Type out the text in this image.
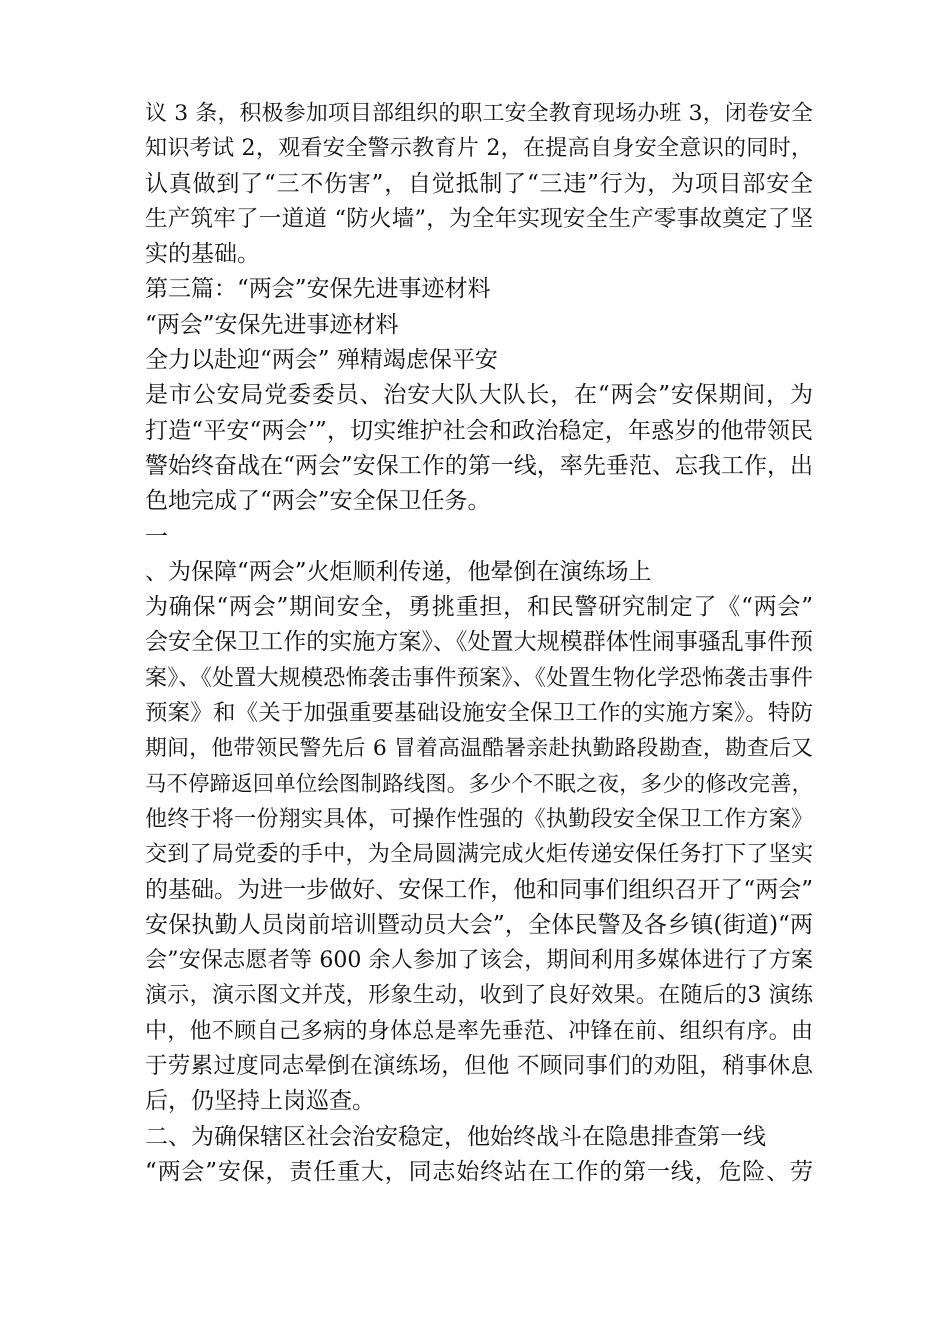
议 3 条，积极参加项目部组织的职工安全教育现场办班 3，闭卷安全
知识考试 2，观看安全警示教育片 2，在提高自身安全意识的同时，
认真做到了“三不伤害”，自觉抵制了“三违”行为，为项目部安全
生产筑牢了一道道 “防火墙”，为全年实现安全生产零事故奠定了坚
实的基础。
第三篇：“两会”安保先进事迹材料
“两会”安保先进事迹材料
全力以赴迎“两会” 殚精竭虑保平安
是市公安局党委委员、治安大队大队长，在“两会”安保期间，为
打造“平安“两会’”，切实维护社会和政治稳定，年惑岁的他带领民
警始终奋战在“两会”安保工作的第一线，率先垂范、忘我工作，出
色地完成了“两会”安全保卫任务。
一
、为保障“两会”火炬顺利传递，他晕倒在演练场上
为确保“两会”期间安全，勇挑重担，和民警研究制定了《“两会”
会安全保卫工作的实施方案》、《处置大规模群体性闹事骚乱事件预
案》、《处置大规模恐怖袭击事件预案》、《处置生物化学恐怖袭击事件
预案》和《关于加强重要基础设施安全保卫工作的实施方案》。特防
期间，他带领民警先后 6 冒着高温酷暑亲赴执勤路段勘查，勘查后又
马不停蹄返回单位绘图制路线图。多少个不眠之夜，多少的修改完善，
他终于将一份翔实具体，可操作性强的《执勤段安全保卫工作方案》
交到了局党委的手中，为全局圆满完成火炬传递安保任务打下了坚实
的基础。为进一步做好、安保工作，他和同事们组织召开了“两会”
安保执勤人员岗前培训暨动员大会”，全体民警及各乡镇(街道)“两
会”安保志愿者等 600 余人参加了该会，期间利用多媒体进行了方案
演示，演示图文并茂，形象生动，收到了良好效果。在随后的3 演练
中，他不顾自己多病的身体总是率先垂范、冲锋在前、组织有序。由
于劳累过度同志晕倒在演练场，但他 不顾同事们的劝阻，稍事休息
后，仍坚持上岗巡查。
二、为确保辖区社会治安稳定，他始终战斗在隐患排查第一线
“两会”安保，责任重大，同志始终站在工作的第一线，危险、劳
